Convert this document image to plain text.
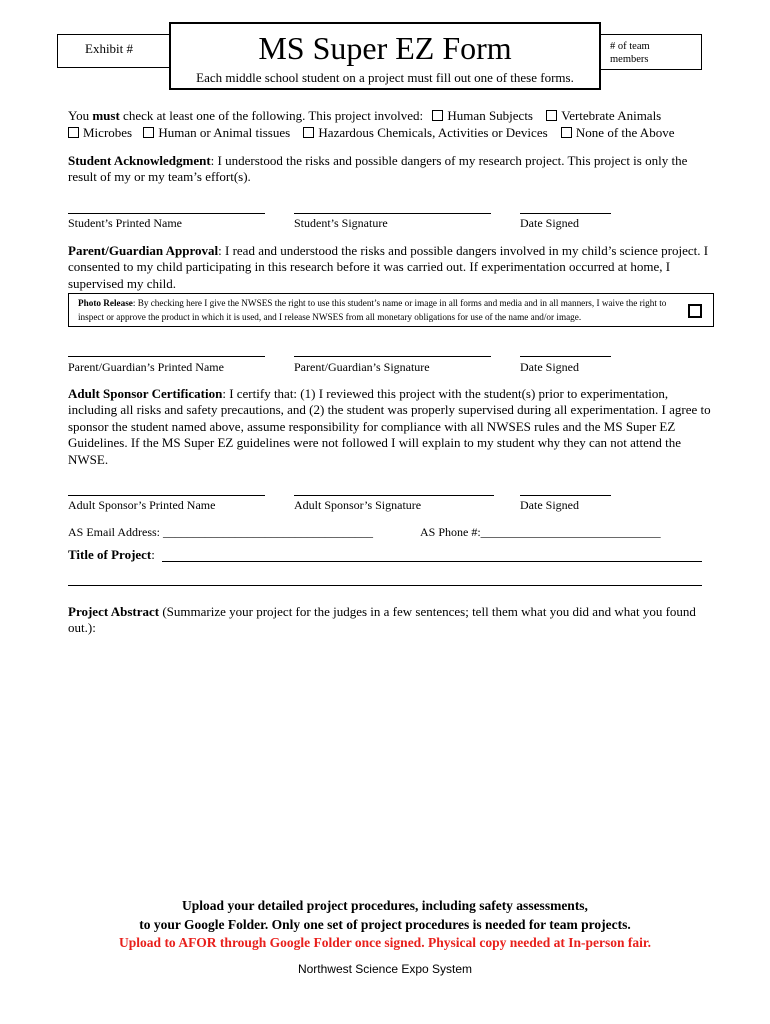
Exhibit #	MS Super EZ Form
Each middle school student on a project must fill out one of these forms.
# of team
members
You must check at least one of the following. This project involved: Human Subjects Vertebrate Animals
Microbes Human or Animal tissues Hazardous Chemicals, Activities or Devices None of the Above
Student Acknowledgment: I understood the risks and possible dangers of my research project. This project is only the result of my or my team’s effort(s).
Student’s Printed Name	Student’s Signature	Date Signed
Parent/Guardian Approval: I read and understood the risks and possible dangers involved in my child’s science project. I consented to my child participating in this research before it was carried out. If experimentation occurred at home, I supervised my child.
Photo Release: By checking here I give the NWSES the right to use this student’s name or image in all forms and media and in all manners, I waive the right to inspect or approve the product in which it is used, and I release NWSES from all monetary obligations for use of the name and/or image.
Parent/Guardian’s Printed Name	Parent/Guardian’s Signature	Date Signed
Adult Sponsor Certification: I certify that: (1) I reviewed this project with the student(s) prior to experimentation, including all risks and safety precautions, and (2) the student was properly supervised during all experimentation. I agree to sponsor the student named above, assume responsibility for compliance with all NWSES rules and the MS Super EZ Guidelines. If the MS Super EZ guidelines were not followed I will explain to my student why they can not attend the NWSE.
Adult Sponsor’s Printed Name	Adult Sponsor’s Signature	Date Signed
AS Email Address: ___________________________________	AS Phone #:______________________________
Title of Project:
Project Abstract (Summarize your project for the judges in a few sentences; tell them what you did and what you found out.):
Upload your detailed project procedures, including safety assessments,
to your Google Folder. Only one set of project procedures is needed for team projects.
Upload to AFOR through Google Folder once signed. Physical copy needed at In-person fair.
Northwest Science Expo System
